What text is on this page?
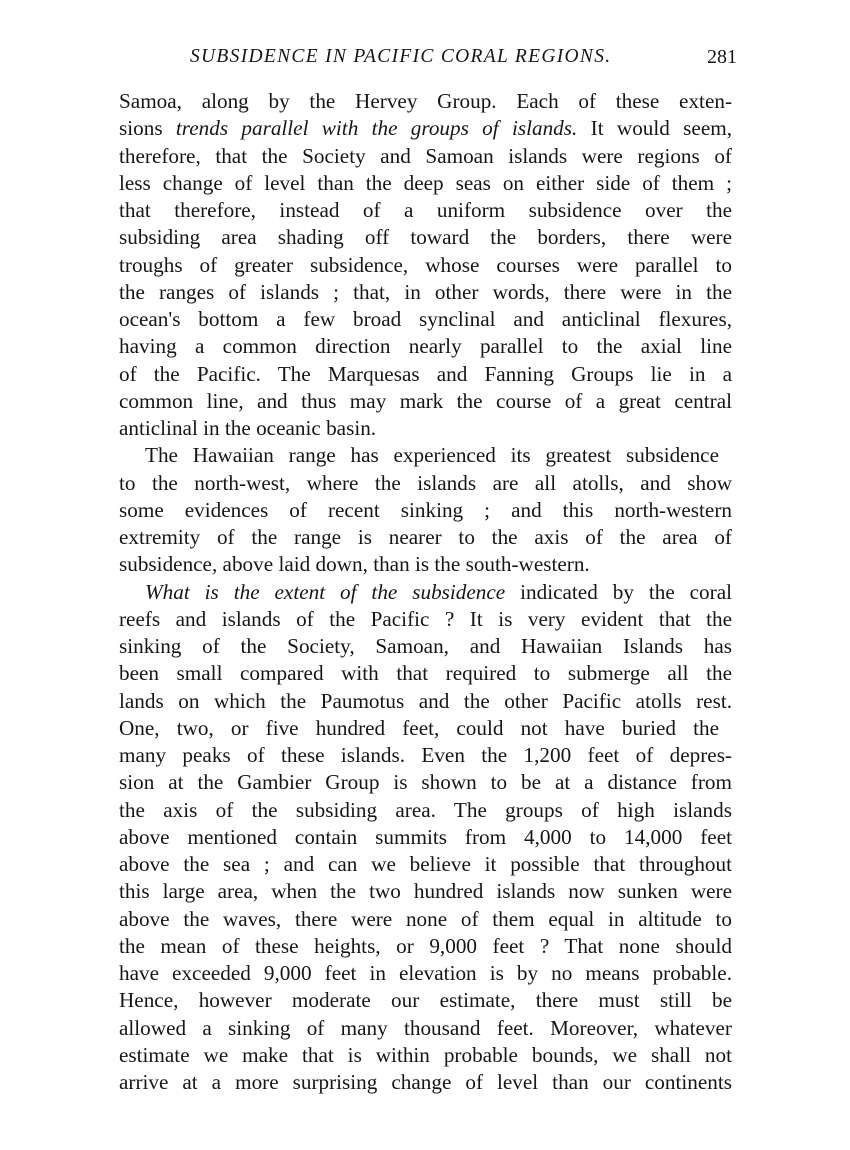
SUBSIDENCE IN PACIFIC CORAL REGIONS.	281
Samoa, along by the Hervey Group. Each of these exten-
sions trends parallel with the groups of islands. It would seem,
therefore, that the Society and Samoan islands were regions of
less change of level than the deep seas on either side of them ;
that therefore, instead of a uniform subsidence over the
subsiding area shading off toward the borders, there were
troughs of greater subsidence, whose courses were parallel to
the ranges of islands ; that, in other words, there were in the
ocean's bottom a few broad synclinal and anticlinal flexures,
having a common direction nearly parallel to the axial line
of the Pacific. The Marquesas and Fanning Groups lie in a
common line, and thus may mark the course of a great central
anticlinal in the oceanic basin.
The Hawaiian range has experienced its greatest subsidence
to the north-west, where the islands are all atolls, and show
some evidences of recent sinking ; and this north-western
extremity of the range is nearer to the axis of the area of
subsidence, above laid down, than is the south-western.
What is the extent of the subsidence indicated by the coral
reefs and islands of the Pacific ? It is very evident that the
sinking of the Society, Samoan, and Hawaiian Islands has
been small compared with that required to submerge all the
lands on which the Paumotus and the other Pacific atolls rest.
One, two, or five hundred feet, could not have buried the
many peaks of these islands. Even the 1,200 feet of depres-
sion at the Gambier Group is shown to be at a distance from
the axis of the subsiding area. The groups of high islands
above mentioned contain summits from 4,000 to 14,000 feet
above the sea ; and can we believe it possible that throughout
this large area, when the two hundred islands now sunken were
above the waves, there were none of them equal in altitude to
the mean of these heights, or 9,000 feet ? That none should
have exceeded 9,000 feet in elevation is by no means probable.
Hence, however moderate our estimate, there must still be
allowed a sinking of many thousand feet. Moreover, whatever
estimate we make that is within probable bounds, we shall not
arrive at a more surprising change of level than our continents
